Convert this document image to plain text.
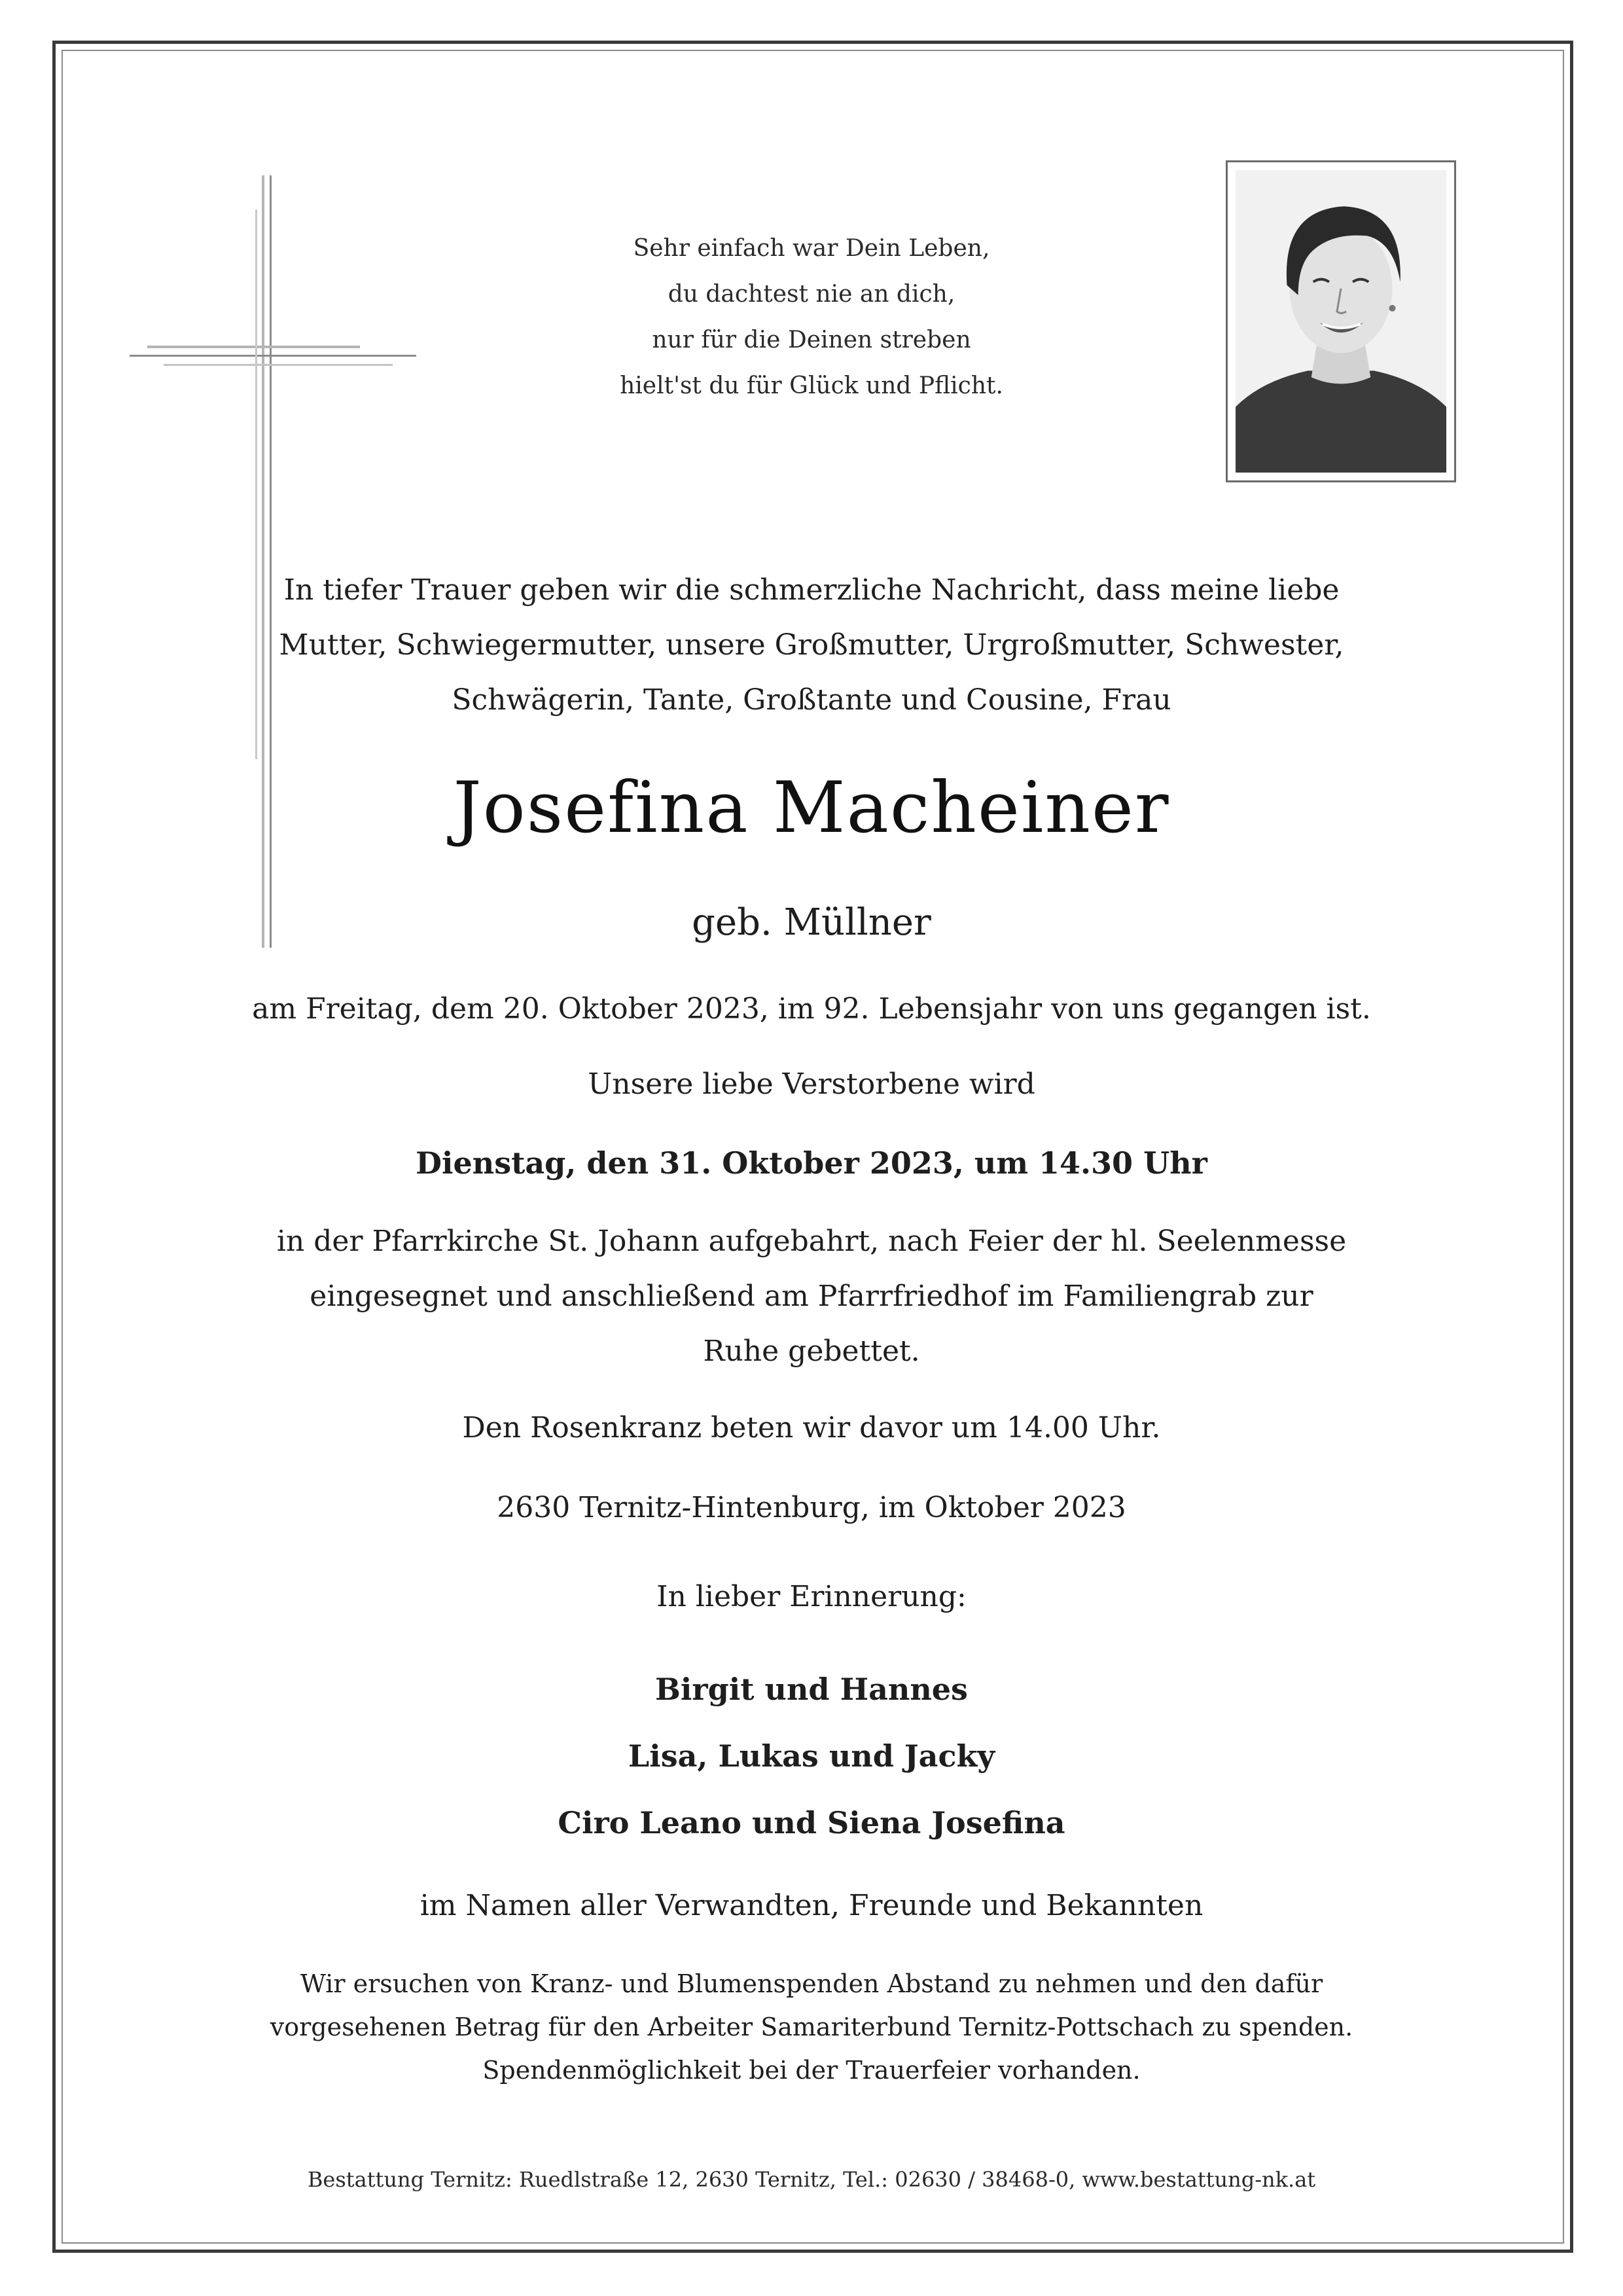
Sehr einfach war Dein Leben,
du dachtest nie an dich,
nur für die Deinen streben
hielt'st du für Glück und Pflicht.
In tiefer Trauer geben wir die schmerzliche Nachricht, dass meine liebe
Mutter, Schwiegermutter, unsere Großmutter, Urgroßmutter, Schwester,
Schwägerin, Tante, Großtante und Cousine, Frau
Josefina Macheiner
geb. Müllner
am Freitag, dem 20. Oktober 2023, im 92. Lebensjahr von uns gegangen ist.
Unsere liebe Verstorbene wird
Dienstag, den 31. Oktober 2023, um 14.30 Uhr
in der Pfarrkirche St. Johann aufgebahrt, nach Feier der hl. Seelenmesse
eingesegnet und anschließend am Pfarrfriedhof im Familiengrab zur
Ruhe gebettet.
Den Rosenkranz beten wir davor um 14.00 Uhr.
2630 Ternitz-Hintenburg, im Oktober 2023
In lieber Erinnerung:
Birgit und Hannes
Lisa, Lukas und Jacky
Ciro Leano und Siena Josefina
im Namen aller Verwandten, Freunde und Bekannten
Wir ersuchen von Kranz- und Blumenspenden Abstand zu nehmen und den dafür
vorgesehenen Betrag für den Arbeiter Samariterbund Ternitz-Pottschach zu spenden.
Spendenmöglichkeit bei der Trauerfeier vorhanden.
Bestattung Ternitz: Ruedlstraße 12, 2630 Ternitz, Tel.: 02630 / 38468-0, www.bestattung-nk.at
